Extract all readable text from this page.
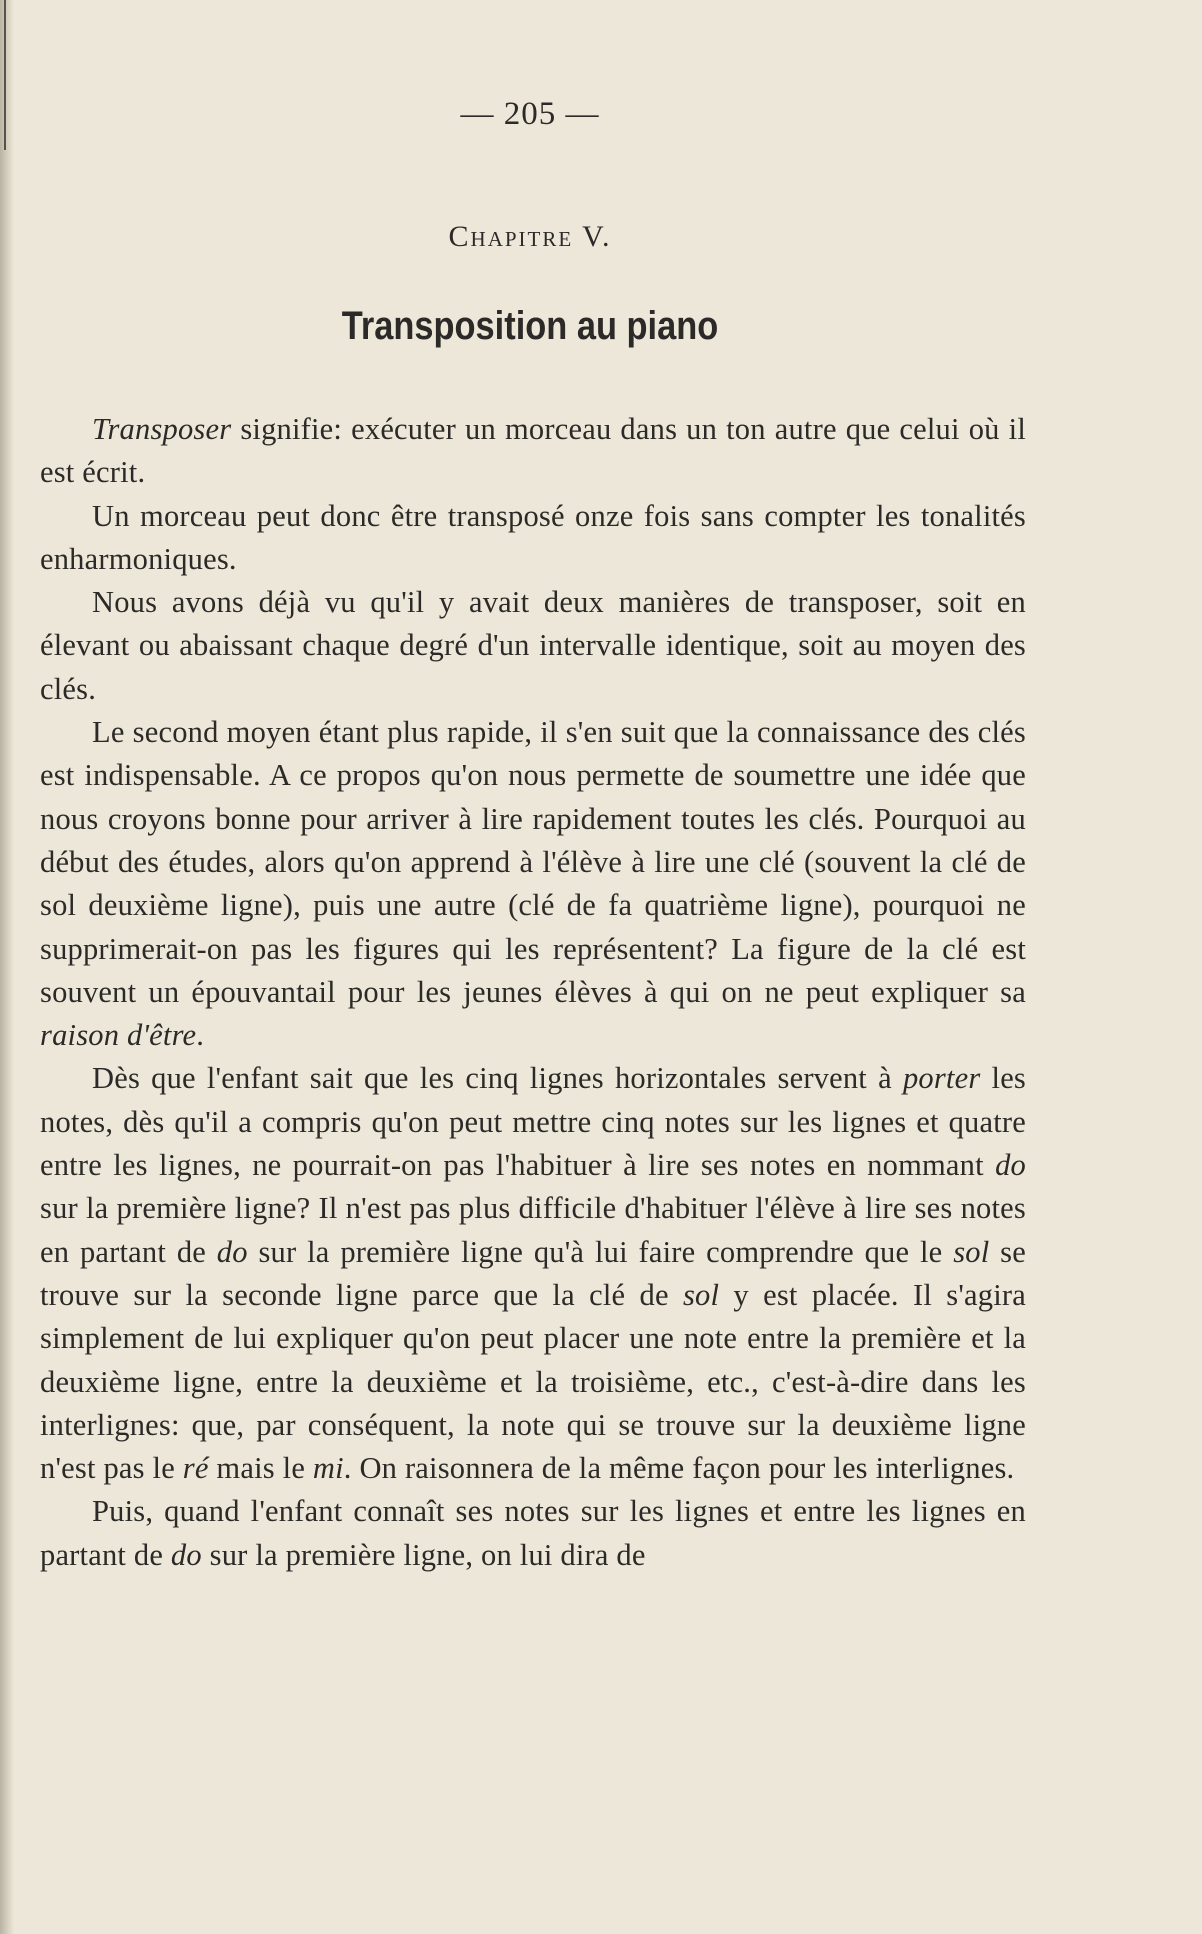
— 205 —
Chapitre V.
Transposition au piano

Transposer signifie: exécuter un morceau dans un ton autre que celui où il est écrit.

Un morceau peut donc être transposé onze fois sans compter les tonalités enharmoniques.

Nous avons déjà vu qu'il y avait deux manières de transposer, soit en élevant ou abaissant chaque degré d'un intervalle identique, soit au moyen des clés.

Le second moyen étant plus rapide, il s'en suit que la connaissance des clés est indispensable. A ce propos qu'on nous permette de soumettre une idée que nous croyons bonne pour arriver à lire rapidement toutes les clés. Pourquoi au début des études, alors qu'on apprend à l'élève à lire une clé (souvent la clé de sol deuxième ligne), puis une autre (clé de fa quatrième ligne), pourquoi ne supprimerait-on pas les figures qui les représentent? La figure de la clé est souvent un épouvantail pour les jeunes élèves à qui on ne peut expliquer sa raison d'être.

Dès que l'enfant sait que les cinq lignes horizontales servent à porter les notes, dès qu'il a compris qu'on peut mettre cinq notes sur les lignes et quatre entre les lignes, ne pourrait-on pas l'habituer à lire ses notes en nommant do sur la première ligne? Il n'est pas plus difficile d'habituer l'élève à lire ses notes en partant de do sur la première ligne qu'à lui faire comprendre que le sol se trouve sur la seconde ligne parce que la clé de sol y est placée. Il s'agira simplement de lui expliquer qu'on peut placer une note entre la première et la deuxième ligne, entre la deuxième et la troisième, etc., c'est-à-dire dans les interlignes: que, par conséquent, la note qui se trouve sur la deuxième ligne n'est pas le ré mais le mi. On raisonnera de la même façon pour les interlignes.

Puis, quand l'enfant connaît ses notes sur les lignes et entre les lignes en partant de do sur la première ligne, on lui dira de
